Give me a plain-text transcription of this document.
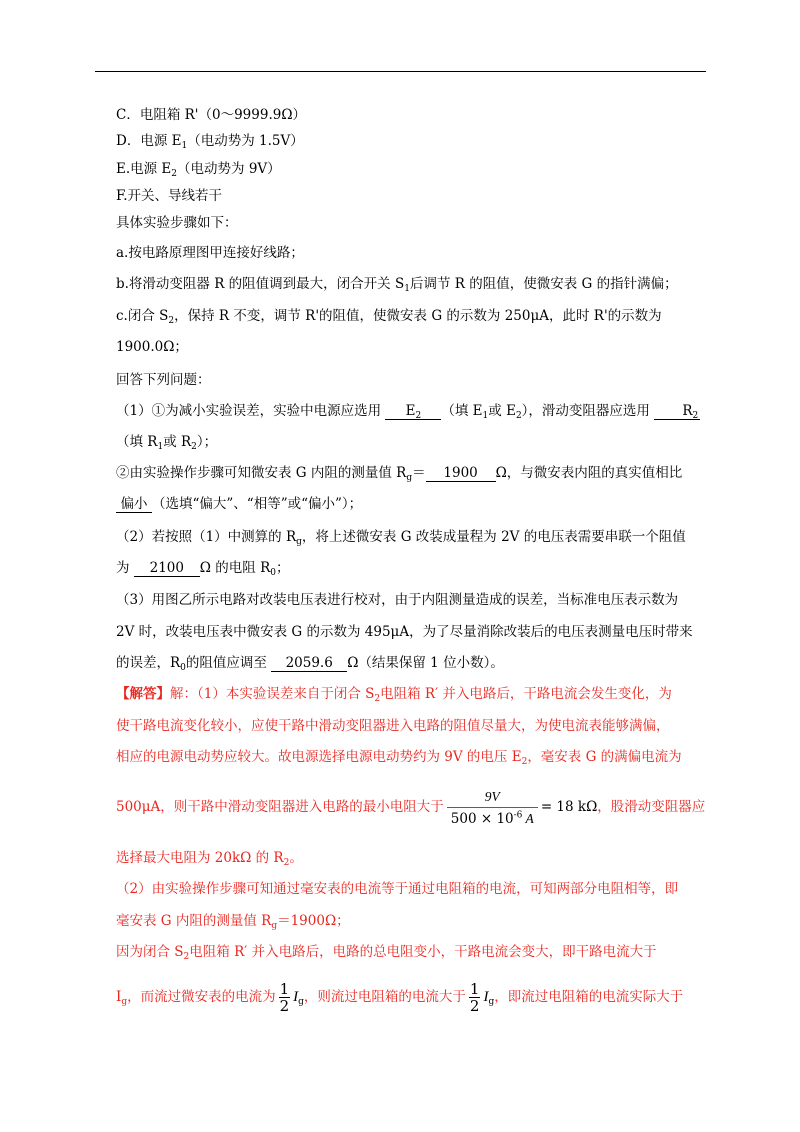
C．电阻箱 R'（0～9999.9Ω）
D．电源 $E_1$（电动势为 1.5V）
E.电源 $E_2$（电动势为 9V）
F.开关、导线若干
具体实验步骤如下：
a.按电路原理图甲连接好线路；
b.将滑动变阻器 R 的阻值调到最大，闭合开关 $S_1$后调节 R 的阻值，使微安表 G 的指针满偏；
c.闭合 $S_2$，保持 R 不变，调节 R'的阻值，使微安表 G 的示数为 250μA，此时 R'的示数为
1900.0Ω；
回答下列问题：
（1）①为减小实验误差，实验中电源应选用 $E_2$ （填 $E_1$或 $E_2$），滑动变阻器应选用 $R_2$
（填 $R_1$或 $R_2$）；
②由实验操作步骤可知微安表 G 内阻的测量值 $R_g= 1900$ Ω，与微安表内阻的真实值相比
偏小 （选填“偏大”、“相等”或“偏小”）；
（2）若按照（1）中测算的 $R_g$，将上述微安表 G 改装成量程为 2V 的电压表需要串联一个阻值
为 2100 Ω 的电阻 $R_0$；
（3）用图乙所示电路对改装电压表进行校对，由于内阻测量造成的误差，当标准电压表示数为
2V 时，改装电压表中微安表 G 的示数为 495μA，为了尽量消除改装后的电压表测量电压时带来
的误差，$R_0$的阻值应调至 2059.6 Ω（结果保留 1 位小数）。
【解答】解：（1）本实验误差来自于闭合 $S_2$电阻箱 R′ 并入电路后，干路电流会发生变化，为
使干路电流变化较小，应使干路中滑动变阻器进入电路的阻值尽量大，为使电流表能够满偏，
相应的电源电动势应较大。故电源选择电源电动势约为 9V 的电压 $E_2$，毫安表 G 的满偏电流为
500μA，则干路中滑动变阻器进入电路的最小电阻大于 $\frac{9V}{500 \times 10^{-6} A} = 18$ kΩ，股滑动变阻器应
选择最大电阻为 20kΩ 的 $R_2$。
（2）由实验操作步骤可知通过毫安表的电流等于通过电阻箱的电流，可知两部分电阻相等，即
毫安表 G 内阻的测量值 $R_g=1900\Omega$；
因为闭合 $S_2$电阻箱 R′ 并入电路后，电路的总电阻变小，干路电流会变大，即干路电流大于
$I_g$，而流过微安表的电流为 $\frac{1}{2} I_g$，则流过电阻箱的电流大于 $\frac{1}{2} I_g$，即流过电阻箱的电流实际大于
